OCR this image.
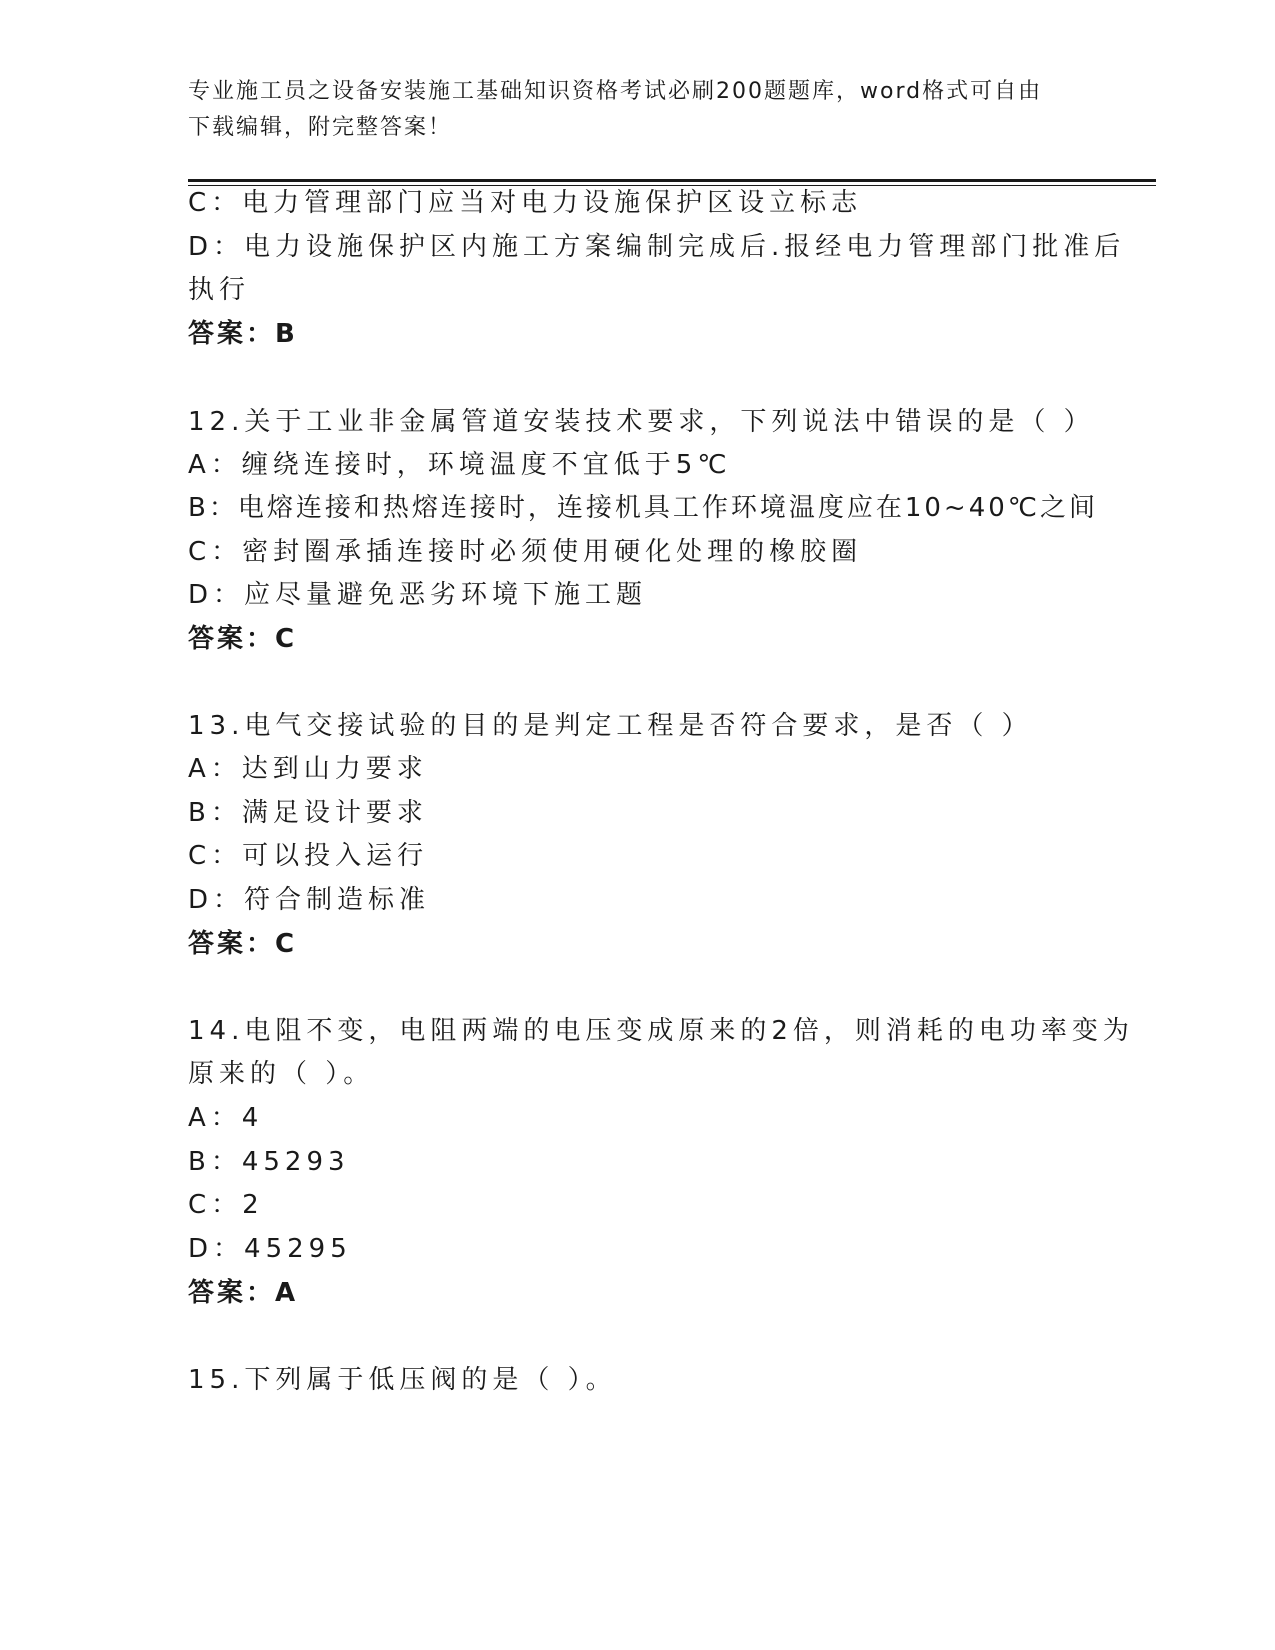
专业施工员之设备安装施工基础知识资格考试必刷200题题库，word格式可自由
下载编辑，附完整答案！
C：电力管理部门应当对电力设施保护区设立标志
D：电力设施保护区内施工方案编制完成后.报经电力管理部门批准后
执行
答案：B
12.关于工业非金属管道安装技术要求，下列说法中错误的是（ ）
A：缠绕连接时，环境温度不宜低于5℃
B：电熔连接和热熔连接时，连接机具工作环境温度应在10~40℃之间
C：密封圈承插连接时必须使用硬化处理的橡胶圈
D：应尽量避免恶劣环境下施工题
答案：C
13.电气交接试验的目的是判定工程是否符合要求，是否（ ）
A：达到山力要求
B：满足设计要求
C：可以投入运行
D：符合制造标准
答案：C
14.电阻不变，电阻两端的电压变成原来的2倍，则消耗的电功率变为
原来的（ ）。
A：4
B：45293
C：2
D：45295
答案：A
15.下列属于低压阀的是（ ）。
